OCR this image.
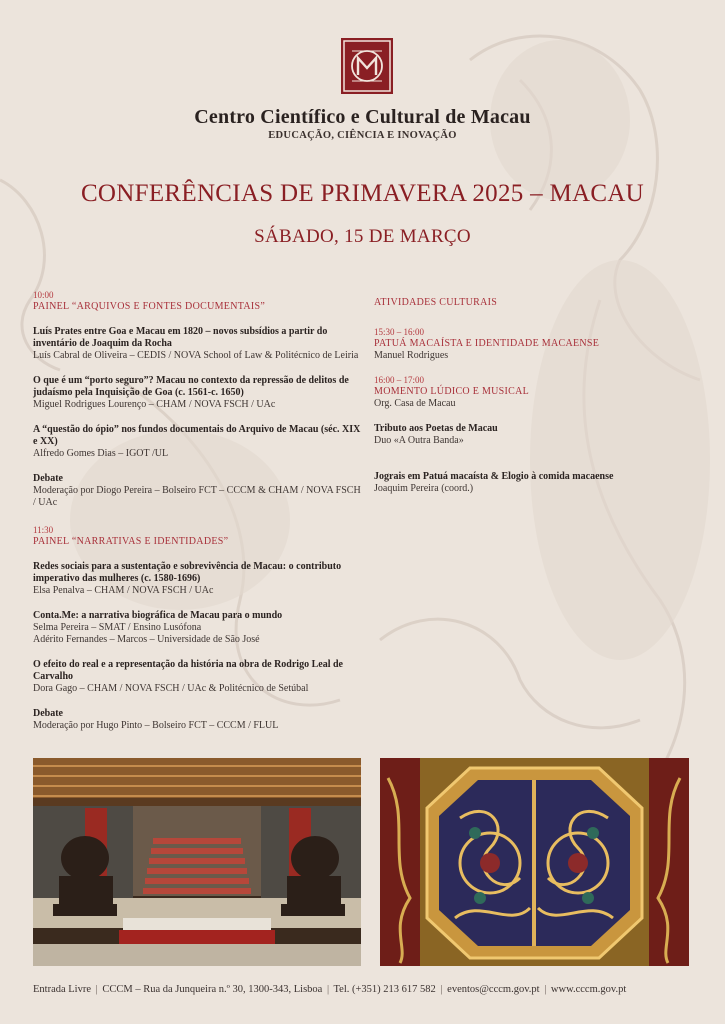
Centro Científico e Cultural de Macau
EDUCAÇÃO, CIÊNCIA E INOVAÇÃO
CONFERÊNCIAS DE PRIMAVERA 2025 – MACAU
SÁBADO, 15 DE MARÇO
10:00
PAINEL “ARQUIVOS E FONTES DOCUMENTAIS”
Luís Prates entre Goa e Macau em 1820 – novos subsídios a partir do inventário de Joaquim da Rocha
Luís Cabral de Oliveira – CEDIS / NOVA School of Law & Politécnico de Leiria
O que é um “porto seguro”? Macau no contexto da repressão de delitos de judaísmo pela Inquisição de Goa (c. 1561-c. 1650)
Miguel Rodrigues Lourenço – CHAM / NOVA FSCH / UAc
A “questão do ópio” nos fundos documentais do Arquivo de Macau (séc. XIX e XX)
Alfredo Gomes Dias – IGOT /UL
Debate
Moderação por Diogo Pereira – Bolseiro FCT – CCCM & CHAM / NOVA FSCH / UAc
11:30
PAINEL “NARRATIVAS E IDENTIDADES”
Redes sociais para a sustentação e sobrevivência de Macau: o contributo imperativo das mulheres (c. 1580-1696)
Elsa Penalva – CHAM / NOVA FSCH / UAc
Conta.Me: a narrativa biográfica de Macau para o mundo
Selma Pereira – SMAT / Ensino Lusófona
Adérito Fernandes – Marcos – Universidade de São José
O efeito do real e a representação da história na obra de Rodrigo Leal de Carvalho
Dora Gago – CHAM / NOVA FSCH / UAc & Politécnico de Setúbal
Debate
Moderação por Hugo Pinto – Bolseiro FCT – CCCM / FLUL
ATIVIDADES CULTURAIS
15:30 – 16:00
PATUÁ MACAÍSTA E IDENTIDADE MACAENSE
Manuel Rodrigues
16:00 – 17:00
MOMENTO LÚDICO E MUSICAL
Org. Casa de Macau
Tributo aos Poetas de Macau
Duo «A Outra Banda»
Jograis em Patuá macaísta & Elogio à comida macaense
Joaquim Pereira (coord.)
Entrada Livre | CCCM – Rua da Junqueira n.º 30, 1300-343, Lisboa | Tel. (+351) 213 617 582 | eventos@cccm.gov.pt | www.cccm.gov.pt
